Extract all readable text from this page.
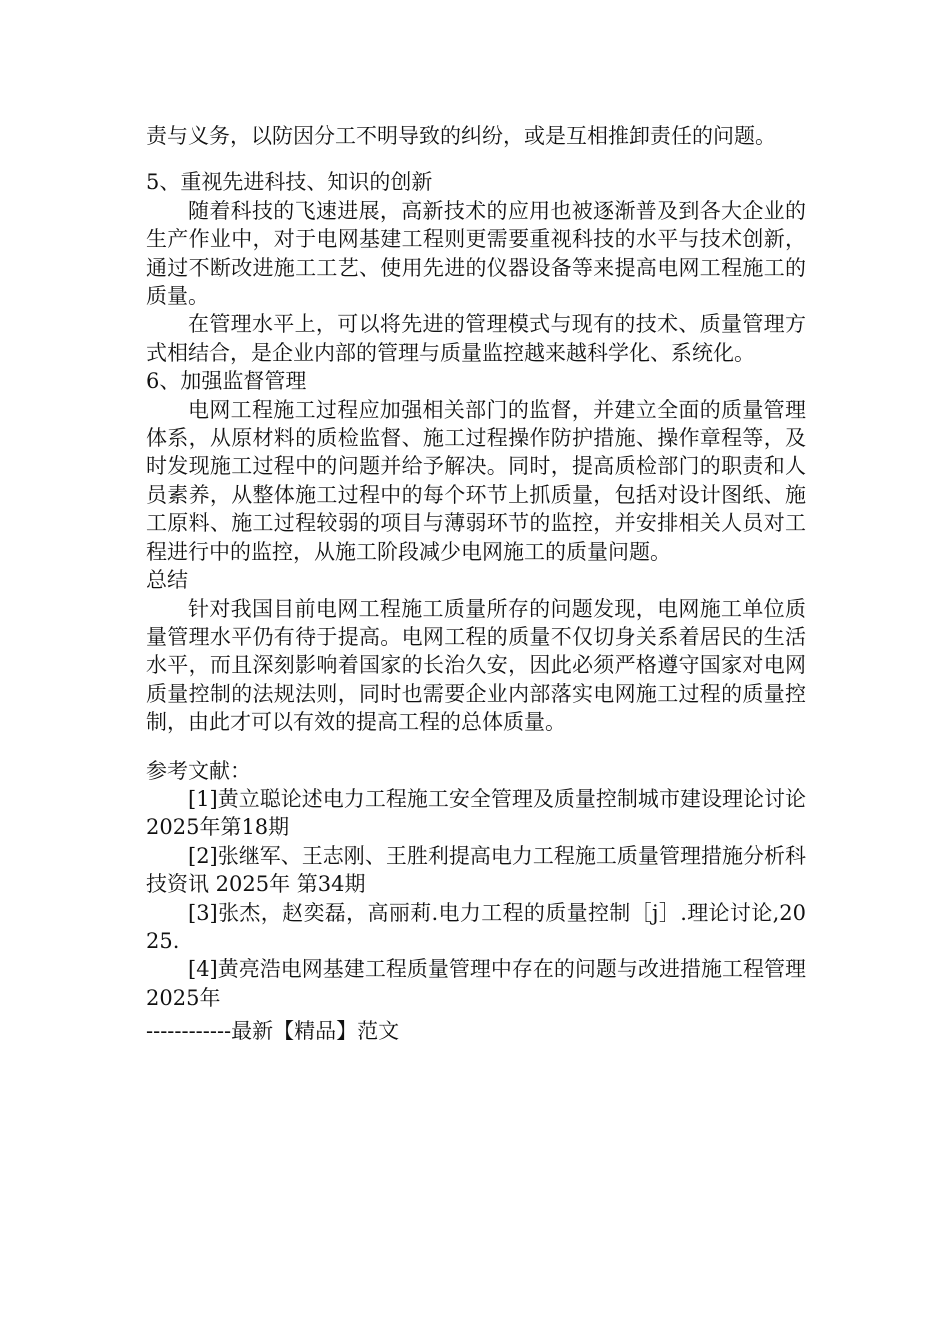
责与义务，以防因分工不明导致的纠纷，或是互相推卸责任的问题。

5、重视先进科技、知识的创新

随着科技的飞速进展，高新技术的应用也被逐渐普及到各大企业的生产作业中，对于电网基建工程则更需要重视科技的水平与技术创新，通过不断改进施工工艺、使用先进的仪器设备等来提高电网工程施工的质量。

在管理水平上，可以将先进的管理模式与现有的技术、质量管理方式相结合，是企业内部的管理与质量监控越来越科学化、系统化。

6、加强监督管理

电网工程施工过程应加强相关部门的监督，并建立全面的质量管理体系，从原材料的质检监督、施工过程操作防护措施、操作章程等，及时发现施工过程中的问题并给予解决。同时，提高质检部门的职责和人员素养，从整体施工过程中的每个环节上抓质量，包括对设计图纸、施工原料、施工过程较弱的项目与薄弱环节的监控，并安排相关人员对工程进行中的监控，从施工阶段减少电网施工的质量问题。

总结

针对我国目前电网工程施工质量所存的问题发现，电网施工单位质量管理水平仍有待于提高。电网工程的质量不仅切身关系着居民的生活水平，而且深刻影响着国家的长治久安，因此必须严格遵守国家对电网质量控制的法规法则，同时也需要企业内部落实电网施工过程的质量控制，由此才可以有效的提高工程的总体质量。

参考文献：

[1]黄立聪论述电力工程施工安全管理及质量控制城市建设理论讨论 2025年第18期

[2]张继军、王志刚、王胜利提高电力工程施工质量管理措施分析科技资讯 2025年 第34期

[3]张杰，赵奕磊，高丽莉.电力工程的质量控制［j］.理论讨论,2025.

[4]黄亮浩电网基建工程质量管理中存在的问题与改进措施工程管理2025年

------------最新【精品】范文
